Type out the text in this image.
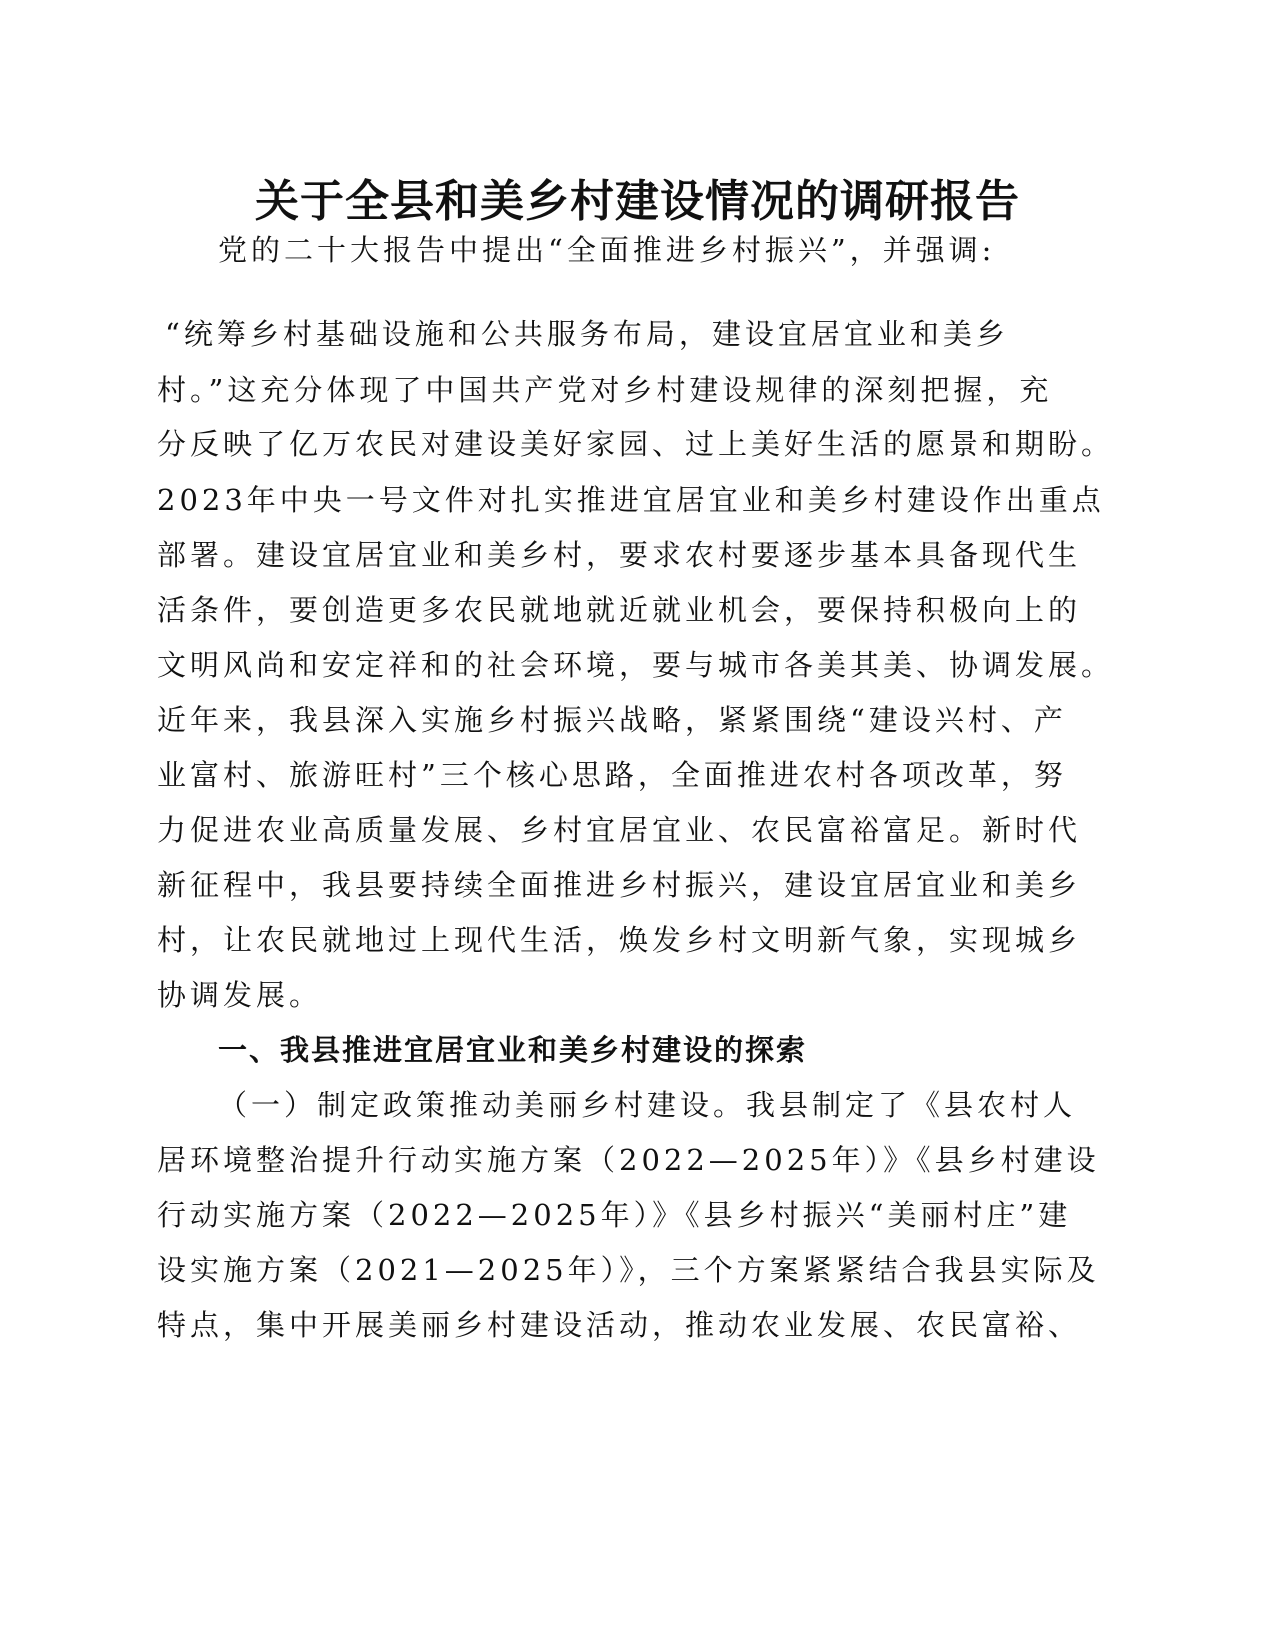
关于全县和美乡村建设情况的调研报告

党的二十大报告中提出“全面推进乡村振兴”，并强调:

“统筹乡村基础设施和公共服务布局，建设宜居宜业和美乡

村。”这充分体现了中国共产党对乡村建设规律的深刻把握，充

分反映了亿万农民对建设美好家园、过上美好生活的愿景和期盼。

2023年中央一号文件对扎实推进宜居宜业和美乡村建设作出重点

部署。建设宜居宜业和美乡村，要求农村要逐步基本具备现代生

活条件，要创造更多农民就地就近就业机会，要保持积极向上的

文明风尚和安定祥和的社会环境，要与城市各美其美、协调发展。

近年来，我县深入实施乡村振兴战略，紧紧围绕“建设兴村、产

业富村、旅游旺村”三个核心思路，全面推进农村各项改革，努

力促进农业高质量发展、乡村宜居宜业、农民富裕富足。新时代

新征程中，我县要持续全面推进乡村振兴，建设宜居宜业和美乡

村，让农民就地过上现代生活，焕发乡村文明新气象，实现城乡

协调发展。

一、我县推进宜居宜业和美乡村建设的探索

（一）制定政策推动美丽乡村建设。我县制定了《县农村人

居环境整治提升行动实施方案（2022—2025年）》《县乡村建设

行动实施方案（2022—2025年）》《县乡村振兴“美丽村庄”建

设实施方案（2021—2025年）》，三个方案紧紧结合我县实际及

特点，集中开展美丽乡村建设活动，推动农业发展、农民富裕、
